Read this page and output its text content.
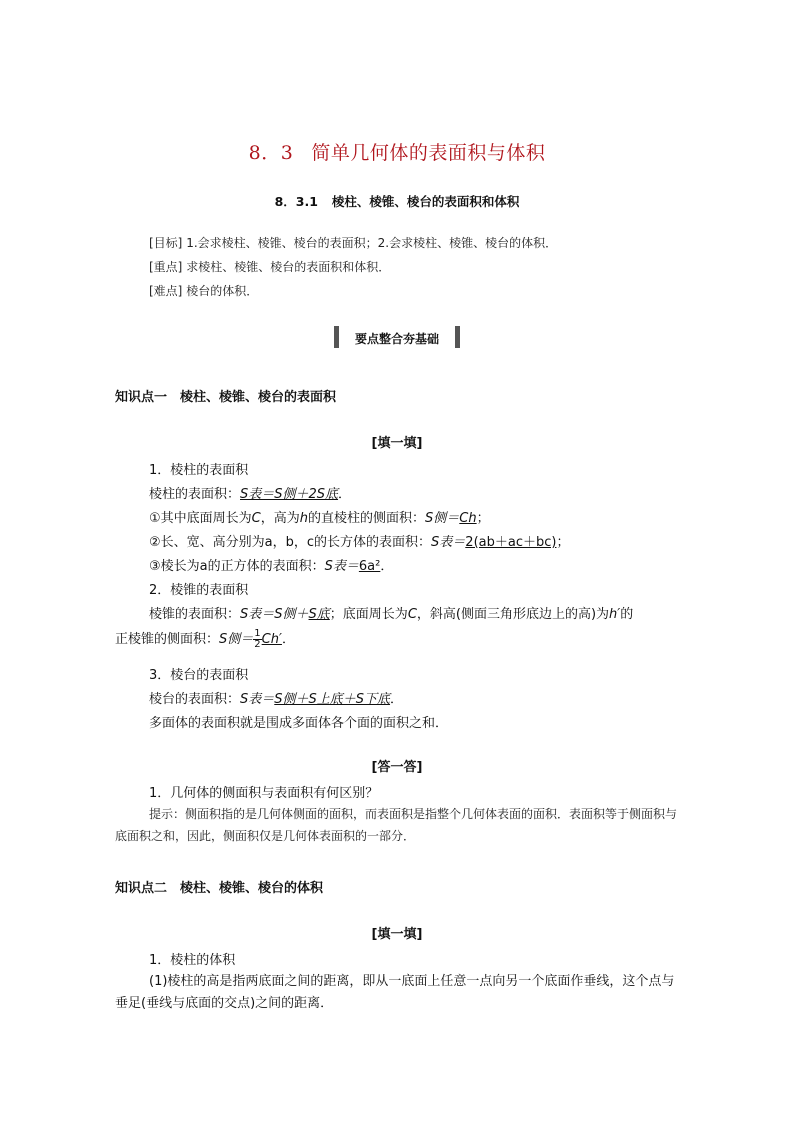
8．3 简单几何体的表面积与体积
8．3.1 棱柱、棱锥、棱台的表面积和体积
[目标] 1.会求棱柱、棱锥、棱台的表面积；2.会求棱柱、棱锥、棱台的体积．
[重点] 求棱柱、棱锥、棱台的表面积和体积．
[难点] 棱台的体积．
要点整合夯基础
知识点一　棱柱、棱锥、棱台的表面积
[填一填]
1．棱柱的表面积
棱柱的表面积：S表＝S侧＋2S底．
①其中底面周长为C，高为h的直棱柱的侧面积：S侧＝Ch；
②长、宽、高分别为a，b，c的长方体的表面积：S表＝2(ab＋ac＋bc)；
③棱长为a的正方体的表面积：S表＝6a²．
2．棱锥的表面积
棱锥的表面积：S表＝S侧＋S底；底面周长为C，斜高(侧面三角形底边上的高)为h′的
正棱锥的侧面积：S侧＝ $\frac{1}{2} Ch'$．
3．棱台的表面积
棱台的表面积：S表＝S侧＋S上底＋S下底．
多面体的表面积就是围成多面体各个面的面积之和．
[答一答]
1．几何体的侧面积与表面积有何区别？
提示：侧面积指的是几何体侧面的面积，而表面积是指整个几何体表面的面积．表面积等于侧面积与底面积之和，因此，侧面积仅是几何体表面积的一部分．
知识点二　棱柱、棱锥、棱台的体积
[填一填]
1．棱柱的体积
(1)棱柱的高是指两底面之间的距离，即从一底面上任意一点向另一个底面作垂线，这个点与垂足(垂线与底面的交点)之间的距离．
